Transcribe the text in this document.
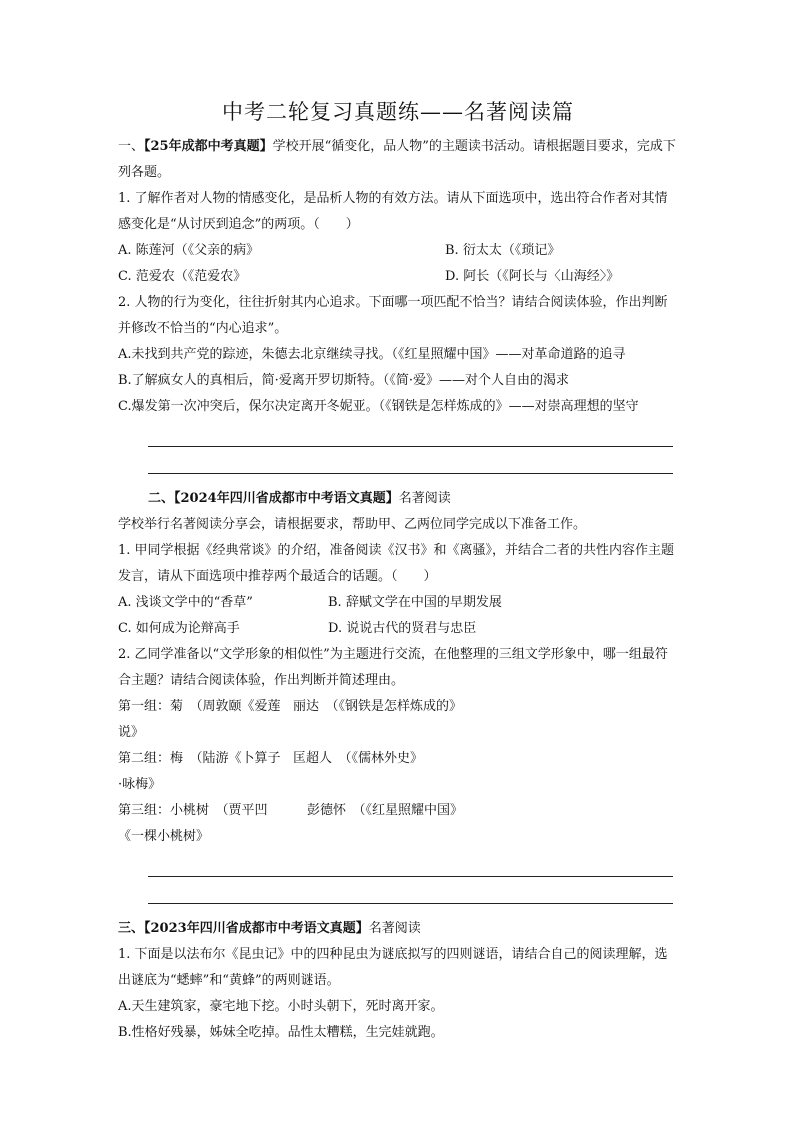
中考二轮复习真题练——名著阅读篇

一、【25年成都中考真题】学校开展“循变化，品人物”的主题读书活动。请根据题目要求，完成下列各题。

1. 了解作者对人物的情感变化，是品析人物的有效方法。请从下面选项中，选出符合作者对其情感变化是“从讨厌到追念”的两项。（　　）

A. 陈莲河（《父亲的病》	B. 衍太太（《琐记》
C. 范爱农（《范爱农》	D. 阿长（《阿长与〈山海经〉》

2. 人物的行为变化，往往折射其内心追求。下面哪一项匹配不恰当？请结合阅读体验，作出判断并修改不恰当的“内心追求”。

A.未找到共产党的踪迹，朱德去北京继续寻找。（《红星照耀中国》——对革命道路的追寻

B.了解疯女人的真相后，简·爱离开罗切斯特。（《简·爱》——对个人自由的渴求

C.爆发第一次冲突后，保尔决定离开冬妮亚。（《钢铁是怎样炼成的》——对崇高理想的坚守

二、【2024年四川省成都市中考语文真题】名著阅读

学校举行名著阅读分享会，请根据要求，帮助甲、乙两位同学完成以下准备工作。

1. 甲同学根据《经典常谈》的介绍，准备阅读《汉书》和《离骚》，并结合二者的共性内容作主题发言，请从下面选项中推荐两个最适合的话题。（　　）

A. 浅谈文学中的“香草”	B. 辞赋文学在中国的早期发展
C. 如何成为论辩高手	D. 说说古代的贤君与忠臣

2. 乙同学准备以“文学形象的相似性”为主题进行交流，在他整理的三组文学形象中，哪一组最符合主题？请结合阅读体验，作出判断并简述理由。

第一组：菊　（周敦颐《爱莲说》
丽达　（《钢铁是怎样炼成的》
第二组：梅　（陆游《卜算子·咏梅》
匡超人　（《儒林外史》
第三组：小桃树　（贾平凹《一棵小桃树》
彭德怀　（《红星照耀中国》

三、【2023年四川省成都市中考语文真题】名著阅读

1. 下面是以法布尔《昆虫记》中的四种昆虫为谜底拟写的四则谜语，请结合自己的阅读理解，选出谜底为“蟋蟀”和“黄蜂”的两则谜语。

A.天生建筑家，豪宅地下挖。小时头朝下，死时离开家。

B.性格好残暴，姊妹全吃掉。品性太糟糕，生完娃就跑。
